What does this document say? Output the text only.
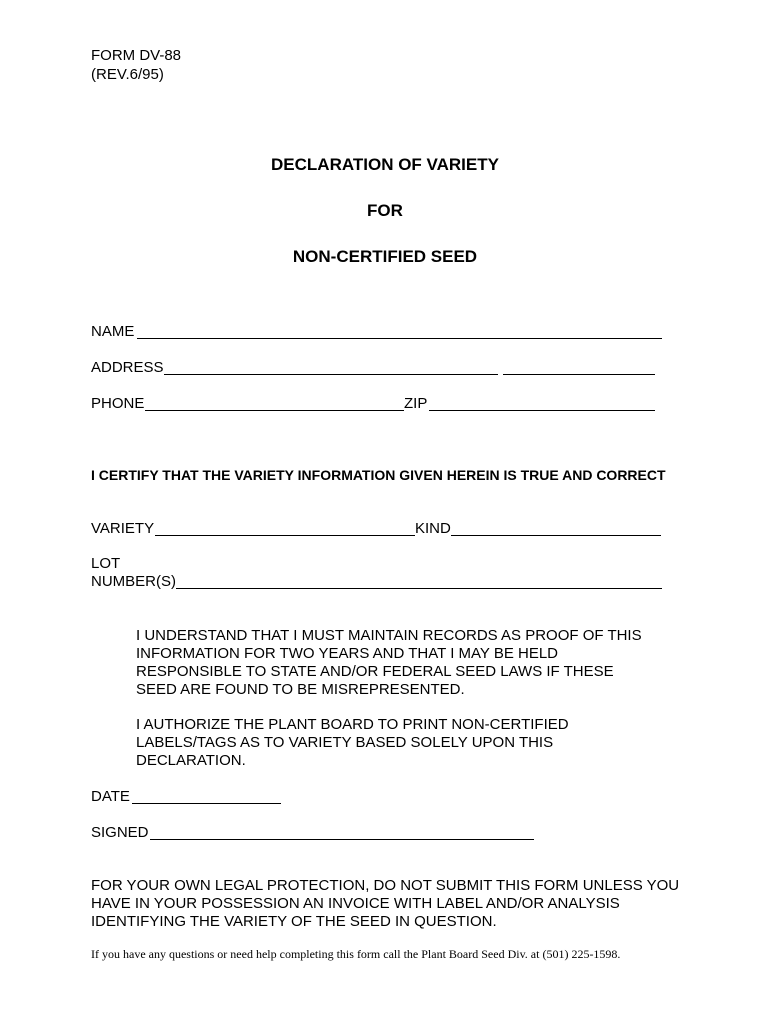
FORM DV-88
(REV.6/95)
DECLARATION OF VARIETY
FOR
NON-CERTIFIED SEED
NAME
ADDRESS
PHONE	ZIP
I CERTIFY THAT THE VARIETY INFORMATION GIVEN HEREIN IS TRUE AND CORRECT
VARIETY	KIND
LOT
NUMBER(S)
I UNDERSTAND THAT I MUST MAINTAIN RECORDS AS PROOF OF THIS INFORMATION FOR TWO YEARS AND THAT I MAY BE HELD RESPONSIBLE TO STATE AND/OR FEDERAL SEED LAWS IF THESE SEED ARE FOUND TO BE MISREPRESENTED.
I AUTHORIZE THE PLANT BOARD TO PRINT NON-CERTIFIED LABELS/TAGS AS TO VARIETY BASED SOLELY UPON THIS DECLARATION.
DATE
SIGNED
FOR YOUR OWN LEGAL PROTECTION, DO NOT SUBMIT THIS FORM UNLESS YOU HAVE IN YOUR POSSESSION AN INVOICE WITH LABEL AND/OR ANALYSIS IDENTIFYING THE VARIETY OF THE SEED IN QUESTION.
If you have any questions or need help completing this form call the Plant Board Seed Div. at (501) 225-1598.
